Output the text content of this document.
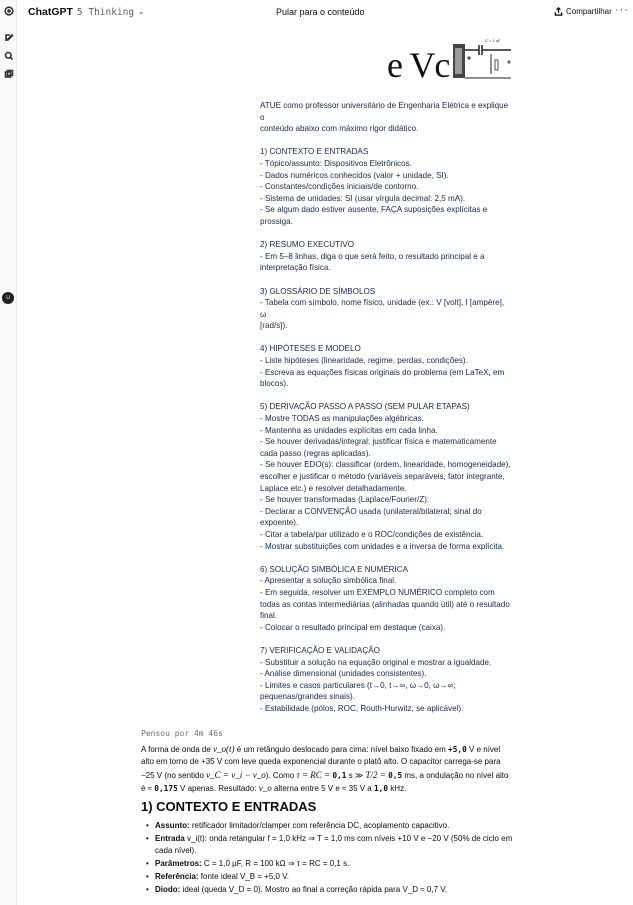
U
ChatGPT 5 Thinking ⌄	Pular para o conteúdo	Compartilhar ···
e Vc
C = 1 uF

ATUE como professor universitário de Engenharia Elétrica e explique o

conteúdo abaixo com máximo rigor didático.

1) CONTEXTO E ENTRADAS

- Tópico/assunto: Dispositivos Eletrônicos.

- Dados numéricos conhecidos (valor + unidade, SI).

- Constantes/condições iniciais/de contorno.

- Sistema de unidades: SI (usar vírgula decimal: 2,5 mA).

- Se algum dado estiver ausente, FAÇA suposições explícitas e

prossiga.

2) RESUMO EXECUTIVO

- Em 5–8 linhas, diga o que será feito, o resultado principal e a

interpretação física.

3) GLOSSÁRIO DE SÍMBOLOS

- Tabela com símbolo, nome físico, unidade (ex.: V [volt], I [ampère], ω

[rad/s]).

4) HIPÓTESES E MODELO

- Liste hipóteses (linearidade, regime, perdas, condições).

- Escreva as equações físicas originais do problema (em LaTeX, em

blocos).

5) DERIVAÇÃO PASSO A PASSO (SEM PULAR ETAPAS)

- Mostre TODAS as manipulações algébricas.

- Mantenha as unidades explícitas em cada linha.

- Se houver derivadas/integral: justificar física e matematicamente

cada passo (regras aplicadas).

- Se houver EDO(s): classificar (ordem, linearidade, homogeneidade),

escolher e justificar o método (variáveis separáveis, fator integrante,

Laplace etc.) e resolver detalhadamente.

- Se houver transformadas (Laplace/Fourier/Z):

- Declarar a CONVENÇÃO usada (unilateral/bilateral; sinal do

expoente).

- Citar a tabela/par utilizado e o ROC/condições de existência.

- Mostrar substituições com unidades e a inversa de forma explícita.

6) SOLUÇÃO SIMBÓLICA E NUMÉRICA

- Apresentar a solução simbólica final.

- Em seguida, resolver um EXEMPLO NUMÉRICO completo com

todas as contas intermediárias (alinhadas quando útil) até o resultado

final.

- Colocar o resultado principal em destaque (caixa).

7) VERIFICAÇÃO E VALIDAÇÃO

- Substituir a solução na equação original e mostrar a igualdade.

- Análise dimensional (unidades consistentes).

- Limites e casos particulares (t→0, t→∞, ω→0, ω→∞;

pequenas/grandes sinais).

- Estabilidade (pólos, ROC, Routh-Hurwitz, se aplicável).

Pensou por 4m 46s
A forma de onda de v_o(t) é um retângulo deslocado para cima: nível baixo fixado em +5,0 V e nível alto em torno de +35 V com leve queda exponencial durante o platô alto. O capacitor carrega-se para −25 V (no sentido v_C = v_i − v_o). Como τ = RC = 0,1 s ≫ T/2 = 0,5 ms, a ondulação no nível alto é ≈ 0,175 V apenas. Resultado: v_o alterna entre 5 V e ≈ 35 V a 1,0 kHz.
1) CONTEXTO E ENTRADAS
• Assunto: retificador limitador/clamper com referência DC, acoplamento capacitivo.
• Entrada v_i(t): onda retangular f = 1,0 kHz ⇒ T = 1,0 ms com níveis +10 V e −20 V (50% de ciclo em cada nível).
• Parâmetros: C = 1,0 μF, R = 100 kΩ ⇒ τ = RC = 0,1 s.
• Referência: fonte ideal V_B = +5,0 V.
• Diodo: ideal (queda V_D = 0). Mostro ao final a correção rápida para V_D ≈ 0,7 V.
